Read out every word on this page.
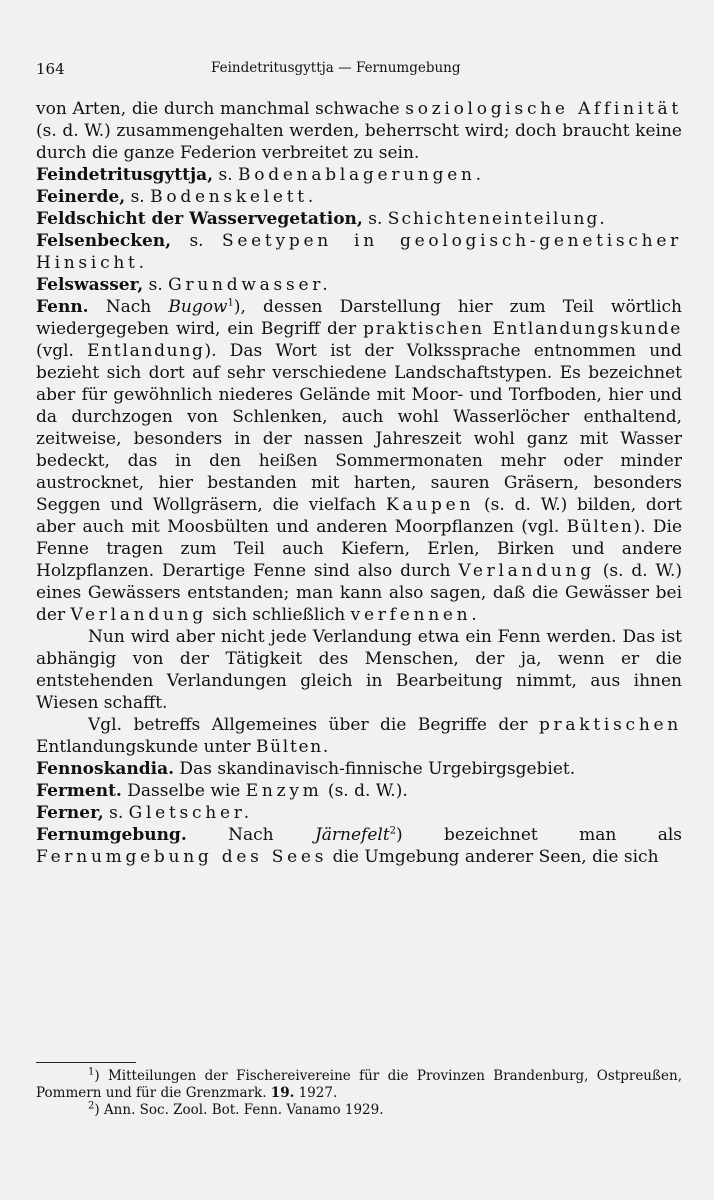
164	Feindetritusgyttja — Fernumgebung

von Arten, die durch manchmal schwache soziologische Affinität (s. d. W.) zusammengehalten werden, beherrscht wird; doch braucht keine durch die ganze Federion verbreitet zu sein.

Feindetritusgyttja, s. Bodenablagerungen.

Feinerde, s. Bodenskelett.

Feldschicht der Wasservegetation, s. Schichteneinteilung.

Felsenbecken, s. Seetypen in geologisch-genetischer Hinsicht.

Felswasser, s. Grundwasser.

Fenn. Nach Bugow$^1$), dessen Darstellung hier zum Teil wörtlich wiedergegeben wird, ein Begriff der praktischen Entlandungskunde (vgl. Entlandung). Das Wort ist der Volkssprache entnommen und bezieht sich dort auf sehr verschiedene Landschaftstypen. Es bezeichnet aber für gewöhnlich niederes Gelände mit Moor- und Torfboden, hier und da durchzogen von Schlenken, auch wohl Wasserlöcher enthaltend, zeitweise, besonders in der nassen Jahreszeit wohl ganz mit Wasser bedeckt, das in den heißen Sommermonaten mehr oder minder austrocknet, hier bestanden mit harten, sauren Gräsern, besonders Seggen und Wollgräsern, die vielfach Kaupen (s. d. W.) bilden, dort aber auch mit Moosbülten und anderen Moorpflanzen (vgl. Bülten). Die Fenne tragen zum Teil auch Kiefern, Erlen, Birken und andere Holzpflanzen. Derartige Fenne sind also durch Verlandung (s. d. W.) eines Gewässers entstanden; man kann also sagen, daß die Gewässer bei der Verlandung sich schließlich verfennen.

Nun wird aber nicht jede Verlandung etwa ein Fenn werden. Das ist abhängig von der Tätigkeit des Menschen, der ja, wenn er die entstehenden Verlandungen gleich in Bearbeitung nimmt, aus ihnen Wiesen schafft.

Vgl. betreffs Allgemeines über die Begriffe der praktischen Entlandungskunde unter Bülten.

Fennoskandia. Das skandinavisch-finnische Urgebirgsgebiet.

Ferment. Dasselbe wie Enzym (s. d. W.).

Ferner, s. Gletscher.

Fernumgebung. Nach Järnefelt$^2$) bezeichnet man als Fernumgebung des Sees die Umgebung anderer Seen, die sich

$^1$) Mitteilungen der Fischereivereine für die Provinzen Brandenburg, Ostpreußen, Pommern und für die Grenzmark. 19. 1927.

$^2$) Ann. Soc. Zool. Bot. Fenn. Vanamo 1929.
